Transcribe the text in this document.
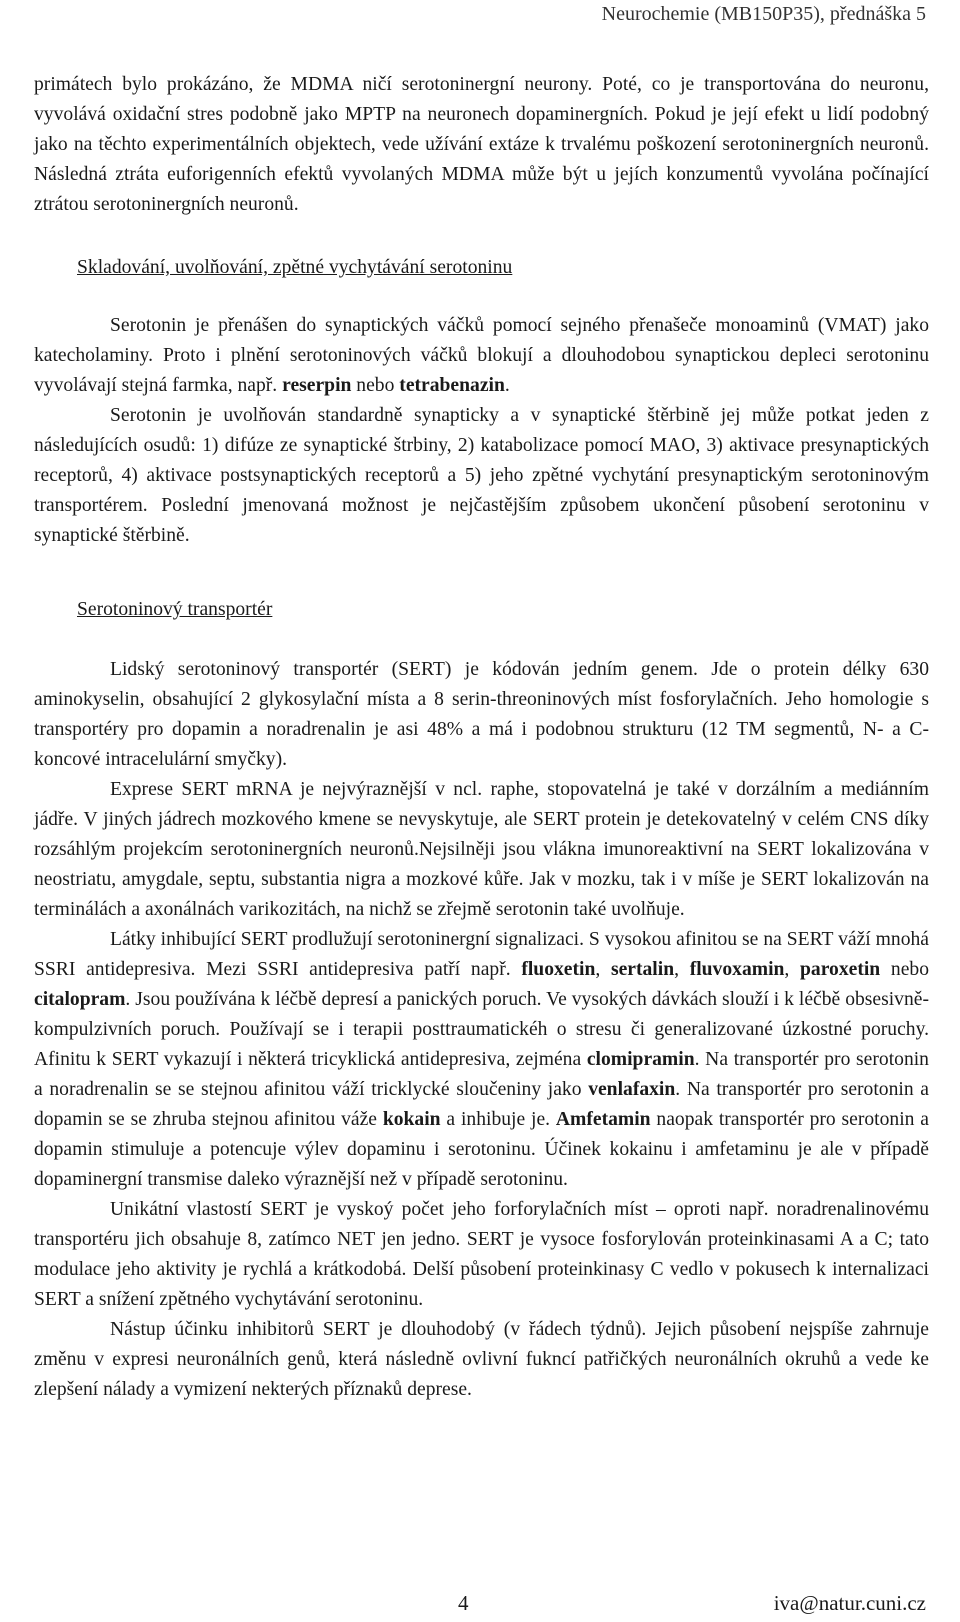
Neurochemie (MB150P35), přednáška 5

primátech bylo prokázáno, že MDMA ničí serotoninergní neurony. Poté, co je transportována do neuronu, vyvolává oxidační stres podobně jako MPTP na neuronech dopaminergních. Pokud je její efekt u lidí podobný jako na těchto experimentálních objektech, vede užívání extáze k trvalému poškození serotoninergních neuronů. Následná ztráta euforigenních efektů vyvolaných MDMA může být u jejích konzumentů vyvolána počínající ztrátou serotoninergních neuronů.

Skladování, uvolňování, zpětné vychytávání serotoninu

Serotonin je přenášen do synaptických váčků pomocí sejného přenašeče monoaminů (VMAT) jako katecholaminy. Proto i plnění serotoninových váčků blokují a dlouhodobou synaptickou depleci serotoninu vyvolávají stejná farmka, např. reserpin nebo tetrabenazin.

Serotonin je uvolňován standardně synapticky a v synaptické štěrbině jej může potkat jeden z následujících osudů: 1) difúze ze synaptické štrbiny, 2) katabolizace pomocí MAO, 3) aktivace presynaptických receptorů, 4) aktivace postsynaptických receptorů a 5) jeho zpětné vychytání presynaptickým serotoninovým transportérem. Poslední jmenovaná možnost je nejčastějším způsobem ukončení působení serotoninu v synaptické štěrbině.

Serotoninový transportér

Lidský serotoninový transportér (SERT) je kódován jedním genem. Jde o protein délky 630 aminokyselin, obsahující 2 glykosylační místa a 8 serin-threoninových míst fosforylačních. Jeho homologie s transportéry pro dopamin a noradrenalin je asi 48% a má i podobnou strukturu (12 TM segmentů, N- a C- koncové intracelulární smyčky).

Exprese SERT mRNA je nejvýraznější v ncl. raphe, stopovatelná je také v dorzálním a mediánním jádře. V jiných jádrech mozkového kmene se nevyskytuje, ale SERT protein je detekovatelný v celém CNS díky rozsáhlým projekcím serotoninergních neuronů.Nejsilněji jsou vlákna imunoreaktivní na SERT lokalizována v neostriatu, amygdale, septu, substantia nigra a mozkové kůře. Jak v mozku, tak i v míše je SERT lokalizován na terminálách a axonálnách varikozitách, na nichž se zřejmě serotonin také uvolňuje.

Látky inhibující SERT prodlužují serotoninergní signalizaci. S vysokou afinitou se na SERT váží mnohá SSRI antidepresiva. Mezi SSRI antidepresiva patří např. fluoxetin, sertalin, fluvoxamin, paroxetin nebo citalopram. Jsou používána k léčbě depresí a panických poruch. Ve vysokých dávkách slouží i k léčbě obsesivně-kompulzivních poruch. Používají se i terapii posttraumatickéh o stresu či generalizované úzkostné poruchy. Afinitu k SERT vykazují i některá tricyklická antidepresiva, zejména clomipramin. Na transportér pro serotonin a noradrenalin se se stejnou afinitou váží tricklycké sloučeniny jako venlafaxin. Na transportér pro serotonin a dopamin se se zhruba stejnou afinitou váže kokain a inhibuje je. Amfetamin naopak transportér pro serotonin a dopamin stimuluje a potencuje výlev dopaminu i serotoninu. Účinek kokainu i amfetaminu je ale v případě dopaminergní transmise daleko výraznější než v případě serotoninu.

Unikátní vlastostí SERT je vyskoý počet jeho forforylačních míst – oproti např. noradrenalinovému transportéru jich obsahuje 8, zatímco NET jen jedno. SERT je vysoce fosforylován proteinkinasami A a C; tato modulace jeho aktivity je rychlá a krátkodobá. Delší působení proteinkinasy C vedlo v pokusech k internalizaci SERT a snížení zpětného vychytávání serotoninu.

Nástup účinku inhibitorů SERT je dlouhodobý (v řádech týdnů). Jejich působení nejspíše zahrnuje změnu v expresi neuronálních genů, která následně ovlivní fukncí patřičkých neuronálních okruhů a vede ke zlepšení nálady a vymizení nekterých příznaků deprese.

4	iva@natur.cuni.cz
